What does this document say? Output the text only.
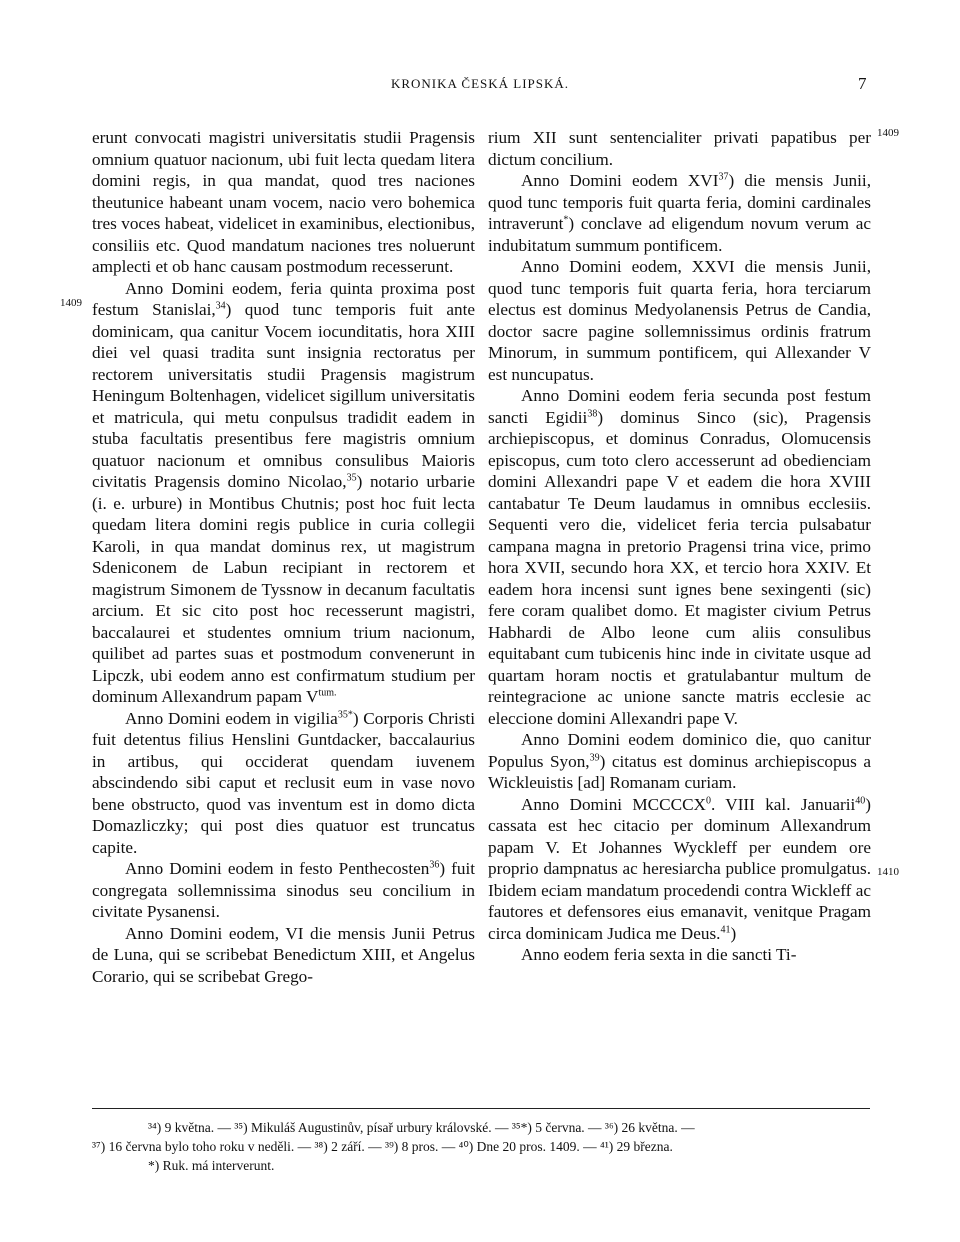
KRONIKA ČESKÁ LIPSKÁ.	7
1409
1409
1410

erunt convocati magistri universitatis studii Pragensis omnium quatuor nacionum, ubi fuit lecta quedam litera domini regis, in qua mandat, quod tres naciones theutunice habeant unam vocem, nacio vero bohemica tres voces habeat, videlicet in examinibus, electionibus, consiliis etc. Quod mandatum naciones tres noluerunt amplecti et ob hanc causam postmodum recesserunt.

Anno Domini eodem, feria quinta proxima post festum Stanislai,$^{34}$) quod tunc temporis fuit ante dominicam, qua canitur Vocem iocunditatis, hora XIII diei vel quasi tradita sunt insignia rectoratus per rectorem universitatis studii Pragensis magistrum Heningum Boltenhagen, videlicet sigillum universitatis et matricula, qui metu conpulsus tradidit eadem in stuba facultatis presentibus fere magistris omnium quatuor nacionum et omnibus consulibus Maioris civitatis Pragensis domino Nicolao,$^{35}$) notario urbarie (i. e. urbure) in Montibus Chutnis; post hoc fuit lecta quedam litera domini regis publice in curia collegii Karoli, in qua mandat dominus rex, ut magistrum Sdeniconem de Labun recipiant in rectorem et magistrum Simonem de Tyssnow in decanum facultatis arcium. Et sic cito post hoc recesserunt magistri, baccalaurei et studentes omnium trium nacionum, quilibet ad partes suas et postmodum convenerunt in Lipczk, ubi eodem anno est confirmatum studium per dominum Allexandrum papam $V^{tum.}$

Anno Domini eodem in vigilia$^{35*}$) Corporis Christi fuit detentus filius Henslini Guntdacker, baccalaurius in artibus, qui occiderat quendam iuvenem abscindendo sibi caput et reclusit eum in vase novo bene obstructo, quod vas inventum est in domo dicta Domazliczky; qui post dies quatuor est truncatus capite.

Anno Domini eodem in festo Penthecosten$^{36}$) fuit congregata sollemnissima sinodus seu concilium in civitate Pysanensi.

Anno Domini eodem, VI die mensis Junii Petrus de Luna, qui se scribebat Benedictum XIII, et Angelus Corario, qui se scribebat Grego-

rium XII sunt sentencialiter privati papatibus per dictum concilium.

Anno Domini eodem XVI$^{37}$) die mensis Junii, quod tunc temporis fuit quarta feria, domini cardinales intraverunt*) conclave ad eligendum novum verum ac indubitatum summum pontificem.

Anno Domini eodem, XXVI die mensis Junii, quod tunc temporis fuit quarta feria, hora terciarum electus est dominus Medyolanensis Petrus de Candia, doctor sacre pagine sollemnissimus ordinis fratrum Minorum, in summum pontificem, qui Allexander V est nuncupatus.

Anno Domini eodem feria secunda post festum sancti Egidii$^{38}$) dominus Sinco (sic), Pragensis archiepiscopus, et dominus Conradus, Olomucensis episcopus, cum toto clero accesserunt ad obedienciam domini Allexandri pape V et eadem die hora XVIII cantabatur Te Deum laudamus in omnibus ecclesiis. Sequenti vero die, videlicet feria tercia pulsabatur campana magna in pretorio Pragensi trina vice, primo hora XVII, secundo hora XX, et tercio hora XXIV. Et eadem hora incensi sunt ignes bene sexingenti (sic) fere coram qualibet domo. Et magister civium Petrus Habhardi de Albo leone cum aliis consulibus equitabant cum tubicenis hinc inde in civitate usque ad quartam horam noctis et gratulabantur multum de reintegracione ac unione sancte matris ecclesie ac eleccione domini Allexandri pape V.

Anno Domini eodem dominico die, quo canitur Populus Syon,$^{39}$) citatus est dominus archiepiscopus a Wickleuistis [ad] Romanam curiam.

Anno Domini MCCCCX$^0$. VIII kal. Januarii$^{40}$) cassata est hec citacio per dominum Allexandrum papam V. Et Johannes Wyckleff per eundem ore proprio dampnatus ac heresiarcha publice promulgatus. Ibidem eciam mandatum procedendi contra Wickleff ac fautores et defensores eius emanavit, venitque Pragam circa dominicam Judica me Deus.$^{41}$)

Anno eodem feria sexta in die sancti Ti-

³⁴) 9 května. — ³⁵) Mikuláš Augustinův, písař urbury královské. — ³⁵*) 5 června. — ³⁶) 26 května. —
³⁷) 16 června bylo toho roku v neděli. — ³⁸) 2 září. — ³⁹) 8 pros. — ⁴⁰) Dne 20 pros. 1409. — ⁴¹) 29 března.
*) Ruk. má interverunt.
